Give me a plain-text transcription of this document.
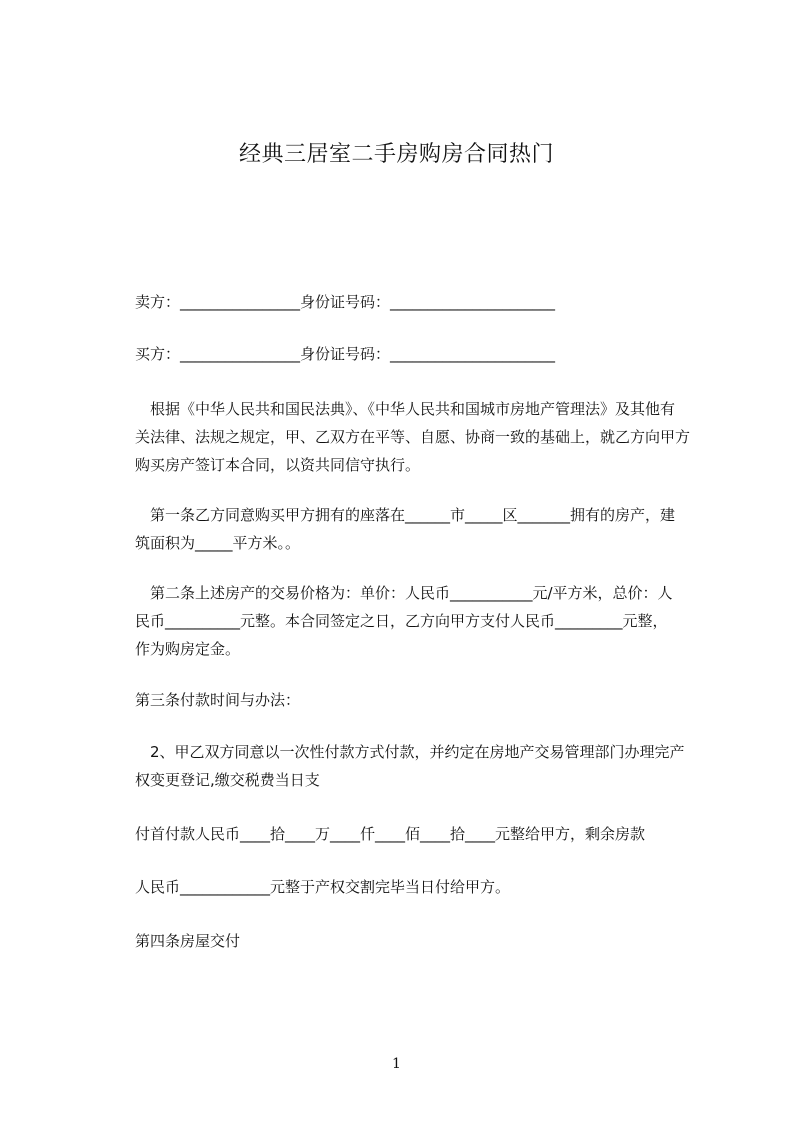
经典三居室二手房购房合同热门
卖方：________________身份证号码：______________________
买方：________________身份证号码：______________________
　根据《中华人民共和国民法典》、《中华人民共和国城市房地产管理法》及其他有
关法律、法规之规定，甲、乙双方在平等、自愿、协商一致的基础上，就乙方向甲方
购买房产签订本合同，以资共同信守执行。
　第一条乙方同意购买甲方拥有的座落在______市_____区_______拥有的房产，建
筑面积为_____平方米。。
　第二条上述房产的交易价格为：单价：人民币___________元/平方米，总价：人
民币__________元整。本合同签定之日，乙方向甲方支付人民币_________元整，
作为购房定金。
第三条付款时间与办法：
　2、甲乙双方同意以一次性付款方式付款，并约定在房地产交易管理部门办理完产
权变更登记,缴交税费当日支
付首付款人民币____拾____万____仟____佰____拾____元整给甲方，剩余房款
人民币____________元整于产权交割完毕当日付给甲方。
第四条房屋交付
1
